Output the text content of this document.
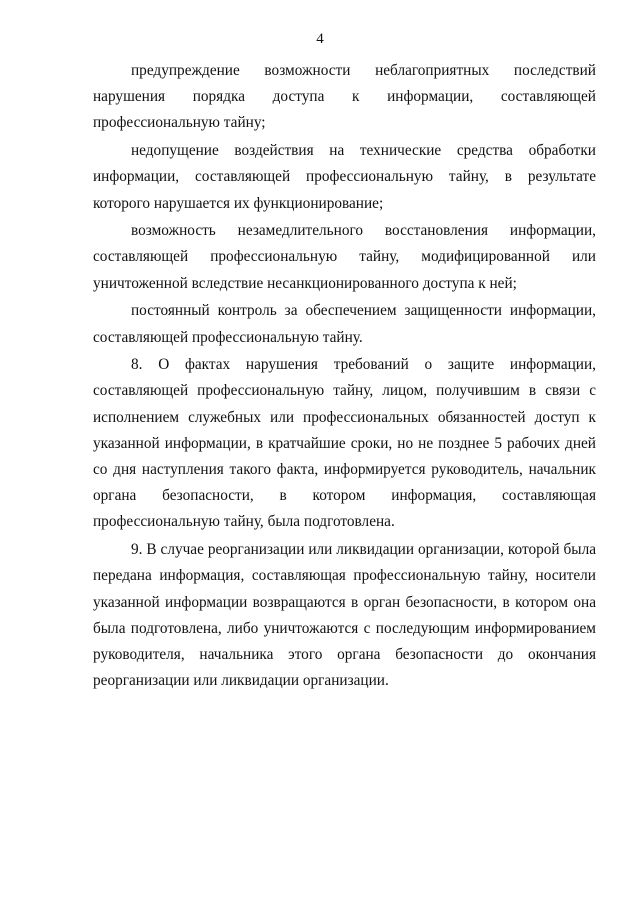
4

предупреждение возможности неблагоприятных последствий нарушения порядка доступа к информации, составляющей профессиональную тайну;

недопущение воздействия на технические средства обработки информации, составляющей профессиональную тайну, в результате которого нарушается их функционирование;

возможность незамедлительного восстановления информации, составляющей профессиональную тайну, модифицированной или уничтоженной вследствие несанкционированного доступа к ней;

постоянный контроль за обеспечением защищенности информации, составляющей профессиональную тайну.

8. О фактах нарушения требований о защите информации, составляющей профессиональную тайну, лицом, получившим в связи с исполнением служебных или профессиональных обязанностей доступ к указанной информации, в кратчайшие сроки, но не позднее 5 рабочих дней со дня наступления такого факта, информируется руководитель, начальник органа безопасности, в котором информация, составляющая профессиональную тайну, была подготовлена.

9. В случае реорганизации или ликвидации организации, которой была передана информация, составляющая профессиональную тайну, носители указанной информации возвращаются в орган безопасности, в котором она была подготовлена, либо уничтожаются с последующим информированием руководителя, начальника этого органа безопасности до окончания реорганизации или ликвидации организации.
